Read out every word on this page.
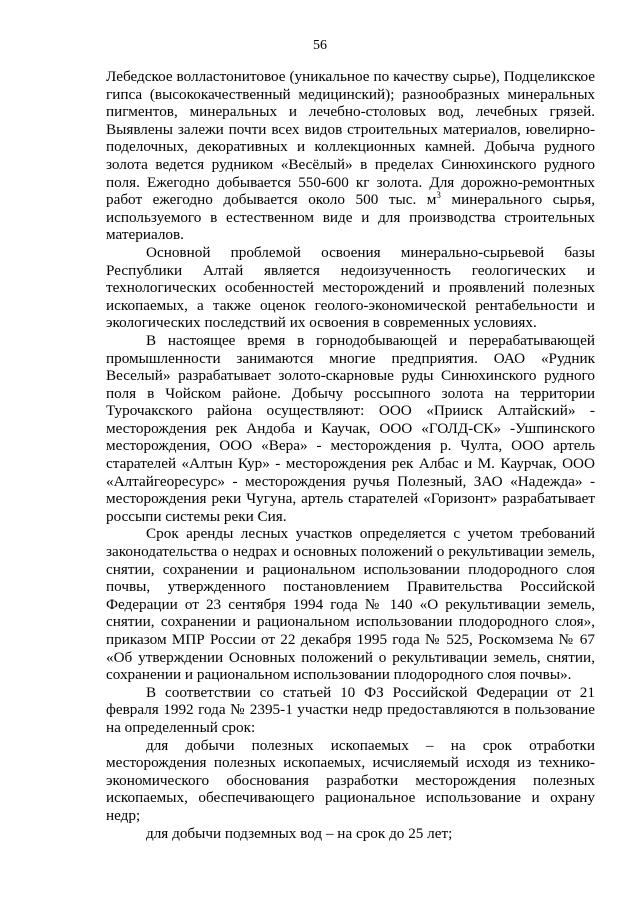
56

Лебедское волластонитовое (уникальное по качеству сырье), Подцеликское гипса (высококачественный медицинский); разнообразных минеральных пигментов, минеральных и лечебно-столовых вод, лечебных грязей. Выявлены залежи почти всех видов строительных материалов, ювелирно-поделочных, декоративных и коллекционных камней. Добыча рудного золота ведется рудником «Весёлый» в пределах Синюхинского рудного поля. Ежегодно добывается 550-600 кг золота. Для дорожно-ремонтных работ ежегодно добывается около 500 тыс. $м^3$ минерального сырья, используемого в естественном виде и для производства строительных материалов.

Основной проблемой освоения минерально-сырьевой базы Республики Алтай является недоизученность геологических и технологических особенностей месторождений и проявлений полезных ископаемых, а также оценок геолого-экономической рентабельности и экологических последствий их освоения в современных условиях.

В настоящее время в горнодобывающей и перерабатывающей промышленности занимаются многие предприятия. ОАО «Рудник Веселый» разрабатывает золото-скарновые руды Синюхинского рудного поля в Чойском районе. Добычу россыпного золота на территории Турочакского района осуществляют: ООО «Прииск Алтайский» - месторождения рек Андоба и Каучак, ООО «ГОЛД-СК» -Ушпинского месторождения, ООО «Вера» - месторождения р. Чулта, ООО артель старателей «Алтын Кур» - месторождения рек Албас и М. Каурчак, ООО «Алтайгеоресурс» - месторождения ручья Полезный, ЗАО «Надежда» - месторождения реки Чугуна, артель старателей «Горизонт» разрабатывает россыпи системы реки Сия.

Срок аренды лесных участков определяется с учетом требований законодательства о недрах и основных положений о рекультивации земель, снятии, сохранении и рациональном использовании плодородного слоя почвы, утвержденного постановлением Правительства Российской Федерации от 23 сентября 1994 года № 140 «О рекультивации земель, снятии, сохранении и рациональном использовании плодородного слоя», приказом МПР России от 22 декабря 1995 года № 525, Роскомзема № 67 «Об утверждении Основных положений о рекультивации земель, снятии, сохранении и рациональном использовании плодородного слоя почвы».

В соответствии со статьей 10 ФЗ Российской Федерации от 21 февраля 1992 года № 2395-1 участки недр предоставляются в пользование на определенный срок:

для добычи полезных ископаемых – на срок отработки месторождения полезных ископаемых, исчисляемый исходя из технико-экономического обоснования разработки месторождения полезных ископаемых, обеспечивающего рациональное использование и охрану недр;

для добычи подземных вод – на срок до 25 лет;
